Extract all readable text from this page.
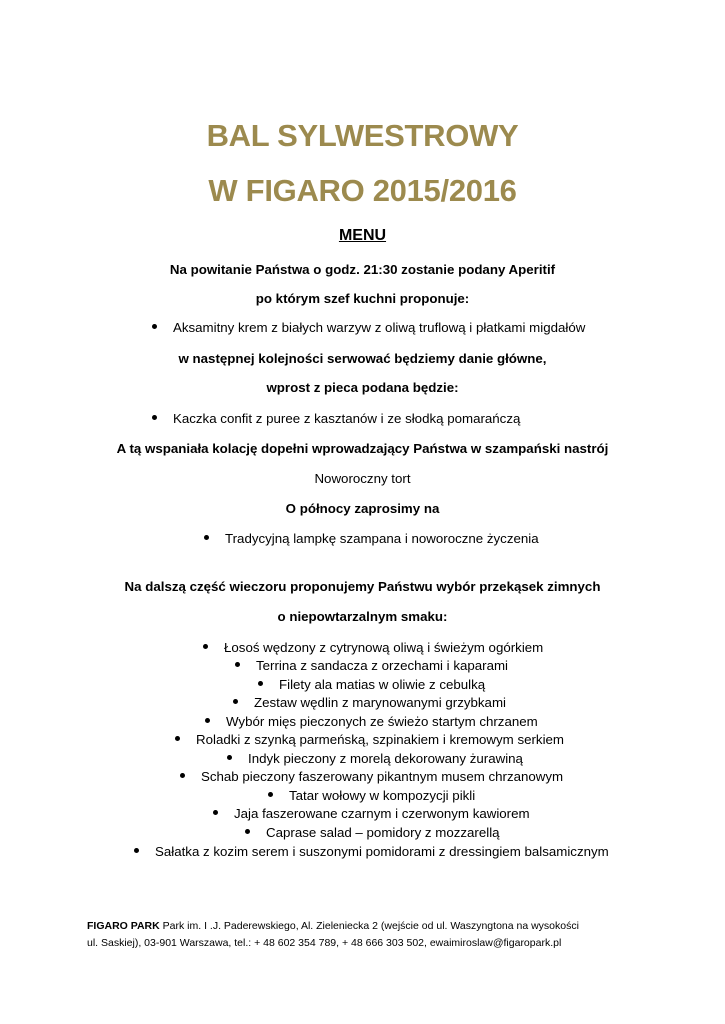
BAL SYLWESTROWY
W FIGARO 2015/2016
MENU
Na powitanie Państwa o godz. 21:30 zostanie podany Aperitif
po którym szef kuchni proponuje:
Aksamitny krem z białych warzyw z oliwą truflową i płatkami migdałów
w następnej kolejności serwować będziemy danie główne,
wprost z pieca podana będzie:
Kaczka confit z puree z kasztanów i ze słodką pomarańczą
A tą wspaniała kolację dopełni wprowadzający Państwa w szampański nastrój
Noworoczny tort
O północy zaprosimy na
Tradycyjną lampkę szampana i noworoczne życzenia
Na dalszą część wieczoru proponujemy Państwu wybór przekąsek zimnych
o niepowtarzalnym smaku:
Łosoś wędzony z cytrynową oliwą i świeżym ogórkiem
Terrina z sandacza z orzechami i kaparami
Filety ala matias w oliwie z cebulką
Zestaw wędlin z marynowanymi grzybkami
Wybór mięs pieczonych ze świeżo startym chrzanem
Roladki z szynką parmeńską, szpinakiem i kremowym serkiem
Indyk pieczony z morelą dekorowany żurawiną
Schab pieczony faszerowany pikantnym musem chrzanowym
Tatar wołowy w kompozycji pikli
Jaja faszerowane czarnym i czerwonym kawiorem
Caprase salad – pomidory z mozzarellą
Sałatka z kozim serem i suszonymi pomidorami z dressingiem balsamicznym
FIGARO PARK Park im. I .J. Paderewskiego, Al. Zieleniecka 2 (wejście od ul. Waszyngtona na wysokości
ul. Saskiej), 03-901 Warszawa, tel.: + 48 602 354 789, + 48 666 303 502, ewaimiroslaw@figaropark.pl
